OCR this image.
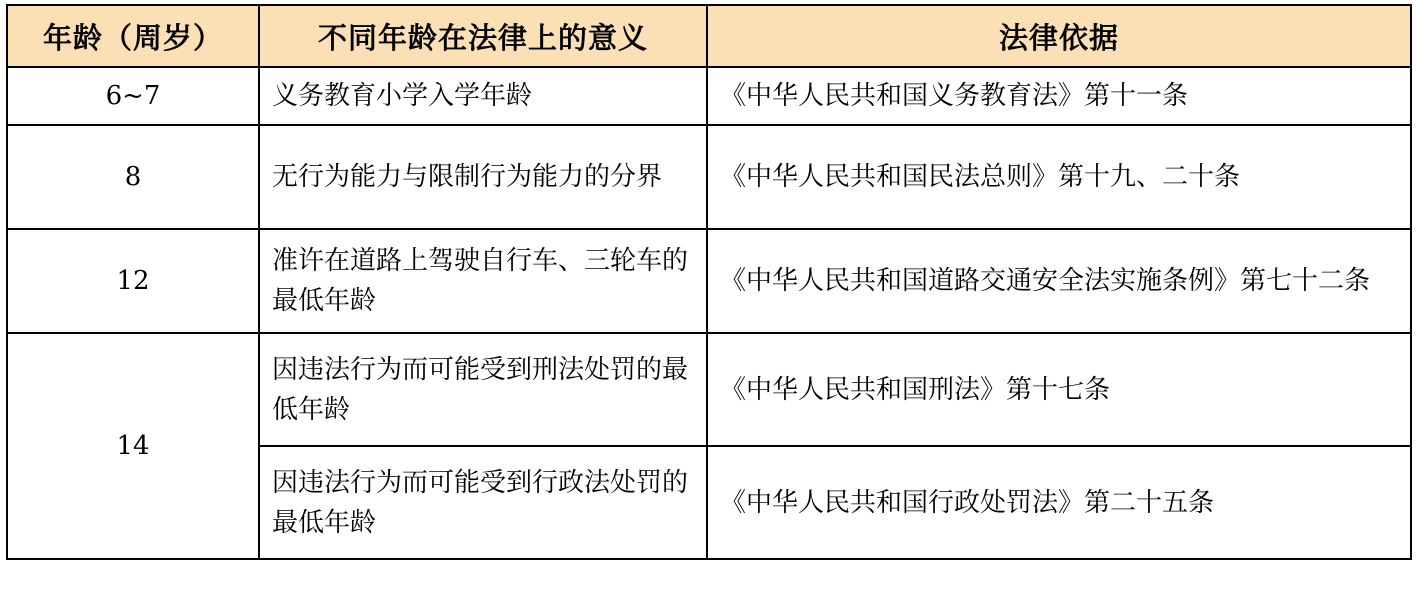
年龄（周岁）	不同年龄在法律上的意义	法律依据
6~7	义务教育小学入学年龄	《中华人民共和国义务教育法》第十一条
8	无行为能力与限制行为能力的分界	《中华人民共和国民法总则》第十九、二十条
12	准许在道路上驾驶自行车、三轮车的最低年龄	《中华人民共和国道路交通安全法实施条例》第七十二条
14	因违法行为而可能受到刑法处罚的最低年龄	《中华人民共和国刑法》第十七条
	因违法行为而可能受到行政法处罚的最低年龄	《中华人民共和国行政处罚法》第二十五条
